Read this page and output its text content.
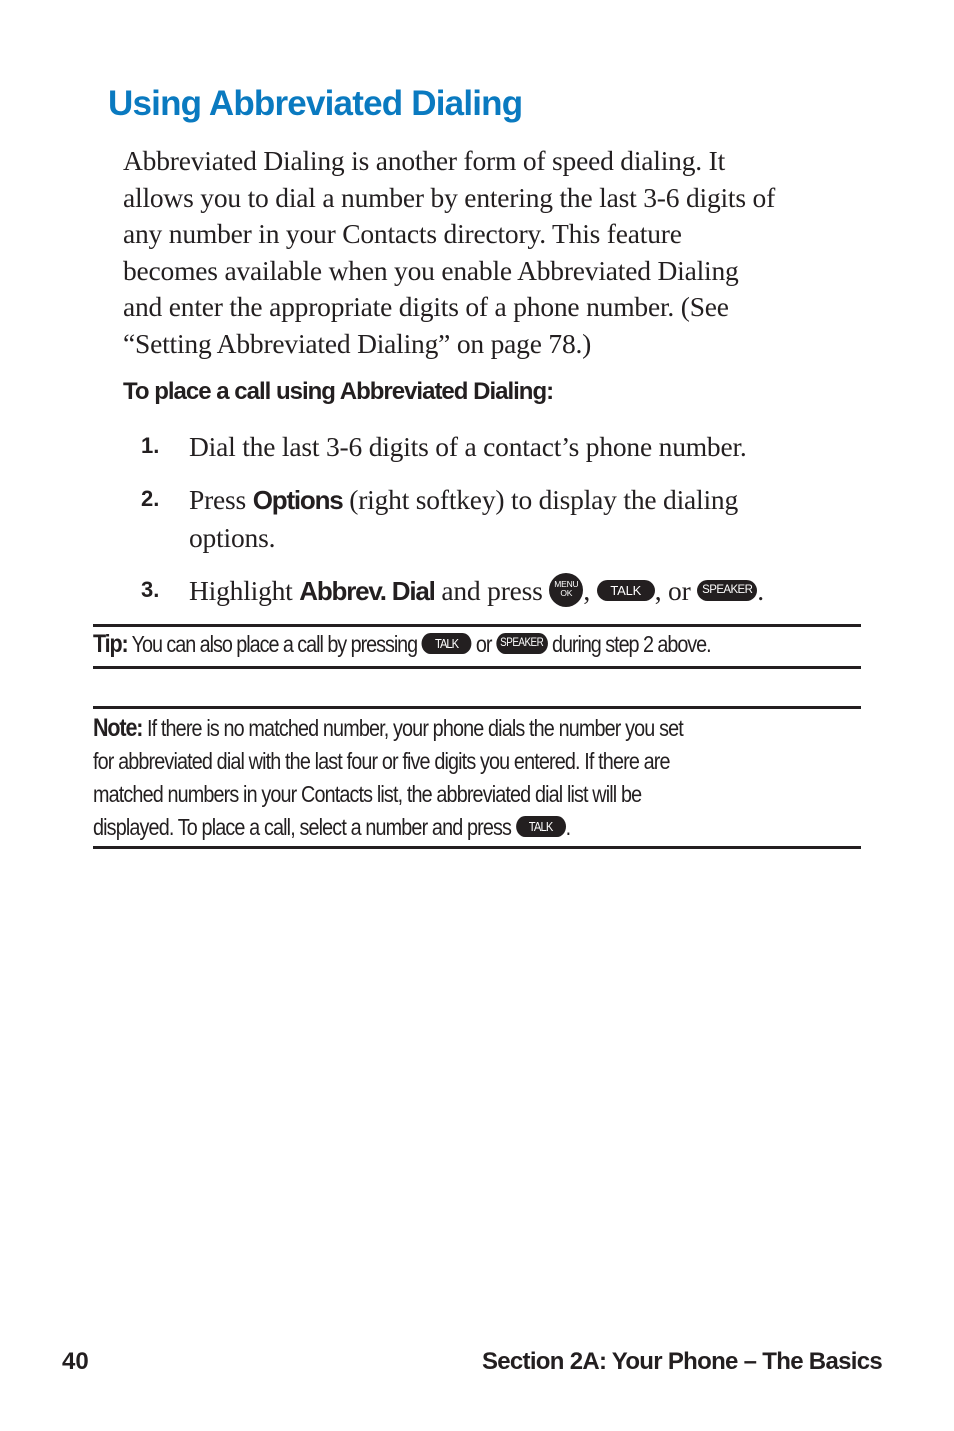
Using Abbreviated Dialing

Abbreviated Dialing is another form of speed dialing. It
allows you to dial a number by entering the last 3-6 digits of
any number in your Contacts directory. This feature
becomes available when you enable Abbreviated Dialing
and enter the appropriate digits of a phone number. (See
“Setting Abbreviated Dialing” on page 78.)

To place a call using Abbreviated Dialing:
1. Dial the last 3-6 digits of a contact’s phone number.
2. Press Options (right softkey) to display the dialing
options.
3. Highlight Abbrev. Dial and press MENU
OK , TALK , or SPEAKER .

Tip: You can also place a call by pressing TALK or SPEAKER during step 2 above.

Note: If there is no matched number, your phone dials the number you set
for abbreviated dial with the last four or five digits you entered. If there are
matched numbers in your Contacts list, the abbreviated dial list will be
displayed. To place a call, select a number and press TALK .
40	Section 2A: Your Phone – The Basics
